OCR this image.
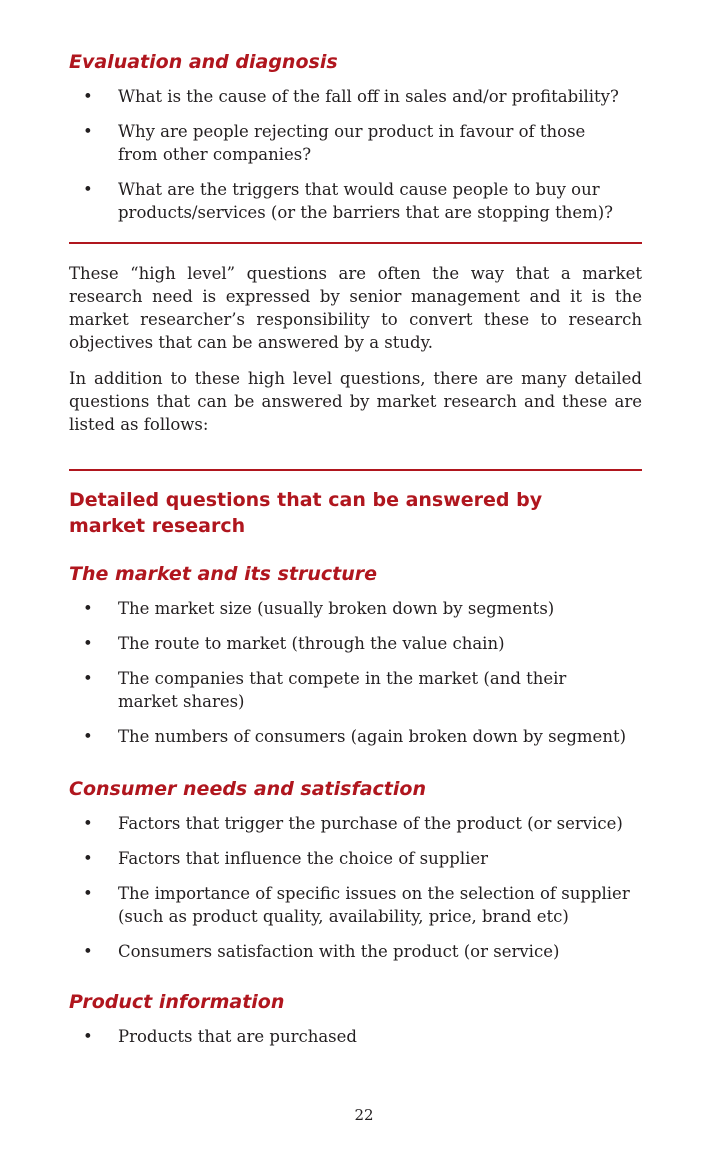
Evaluation and diagnosis
• What is the cause of the fall off in sales and/or profitability?
• Why are people rejecting our product in favour of those from other companies?
• What are the triggers that would cause people to buy our products/services (or the barriers that are stopping them)?

These “high level” questions are often the way that a market research need is expressed by senior management and it is the market researcher’s responsibility to convert these to research objectives that can be answered by a study.

In addition to these high level questions, there are many detailed questions that can be answered by market research and these are listed as follows:

Detailed questions that can be answered by market research
The market and its structure
• The market size (usually broken down by segments)
• The route to market (through the value chain)
• The companies that compete in the market (and their market shares)
• The numbers of consumers (again broken down by segment)
Consumer needs and satisfaction
• Factors that trigger the purchase of the product (or service)
• Factors that influence the choice of supplier
• The importance of specific issues on the selection of supplier (such as product quality, availability, price, brand etc)
• Consumers satisfaction with the product (or service)
Product information
• Products that are purchased
22
